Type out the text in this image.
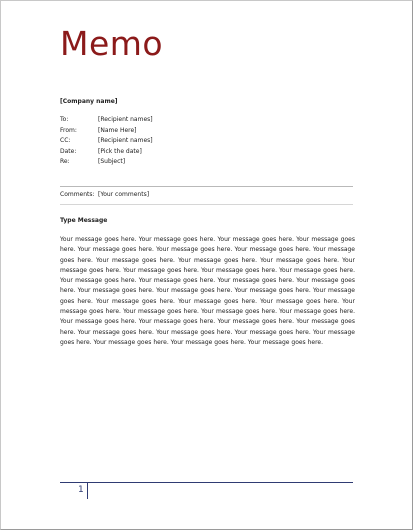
Memo
[Company name]
To:	[Recipient names]
From:	[Name Here]
CC:	[Recipient names]
Date:	[Pick the date]
Re:	[Subject]
Comments: [Your comments]
Type Message

Your message goes here. Your message goes here. Your message goes here. Your message goes here. Your message goes here. Your message goes here. Your message goes here. Your message goes here. Your message goes here. Your message goes here. Your message goes here. Your message goes here. Your message goes here. Your message goes here. Your message goes here. Your message goes here. Your message goes here. Your message goes here. Your message goes here. Your message goes here. Your message goes here. Your message goes here. Your message goes here. Your message goes here. Your message goes here. Your message goes here. Your message goes here. Your message goes here. Your message goes here. Your message goes here. Your message goes here. Your message goes here. Your message goes here. Your message goes here. Your message goes here. Your message goes here. Your message goes here. Your message goes here. Your message goes here. Your message goes here. Your message goes here.

1
